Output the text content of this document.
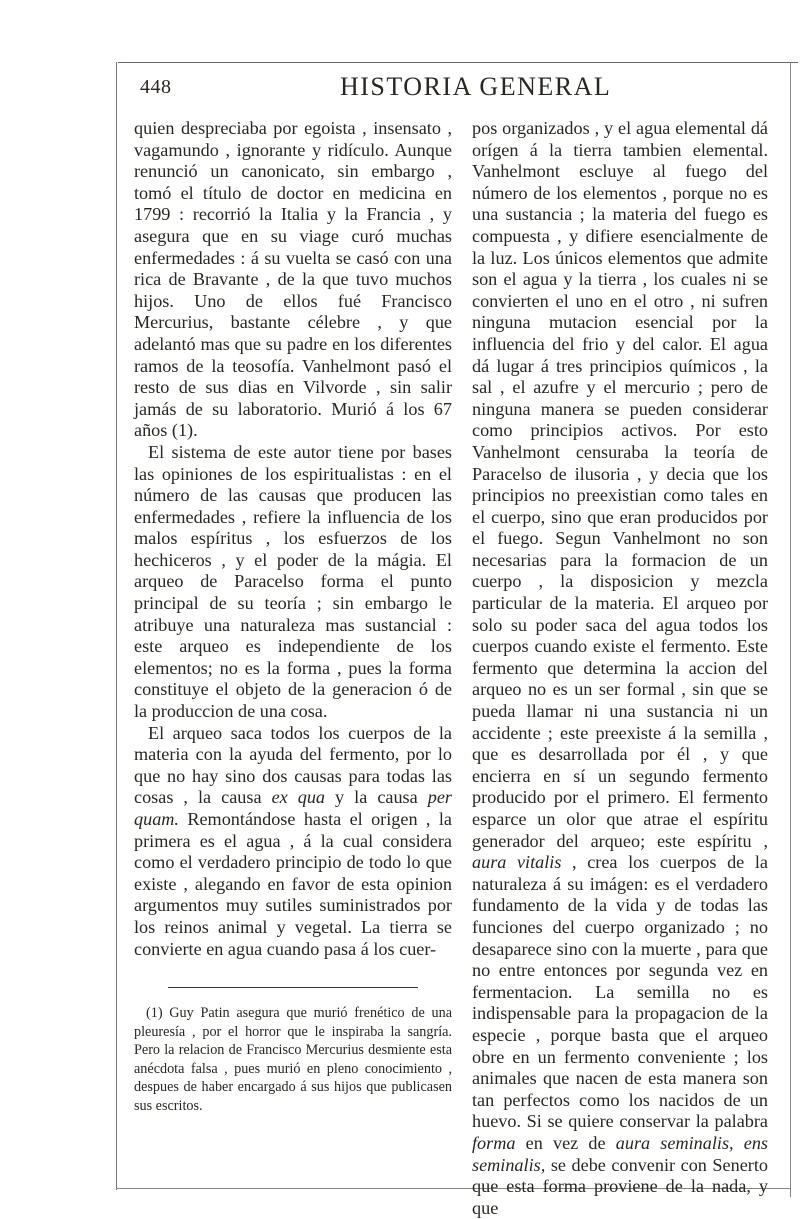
448	HISTORIA GENERAL

quien despreciaba por egoista , insensato , vagamundo , ignorante y ridículo. Aunque renunció un canonicato, sin embargo , tomó el título de doctor en medicina en 1799 : recorrió la Italia y la Francia , y asegura que en su viage curó muchas enfermedades : á su vuelta se casó con una rica de Bravante , de la que tuvo muchos hijos. Uno de ellos fué Francisco Mercurius, bastante célebre , y que adelantó mas que su padre en los diferentes ramos de la teosofía. Vanhelmont pasó el resto de sus dias en Vilvorde , sin salir jamás de su laboratorio. Murió á los 67 años (1).

El sistema de este autor tiene por bases las opiniones de los espiritualistas : en el número de las causas que producen las enfermedades , refiere la influencia de los malos espíritus , los esfuerzos de los hechiceros , y el poder de la mágia. El arqueo de Paracelso forma el punto principal de su teoría ; sin embargo le atribuye una naturaleza mas sustancial : este arqueo es independiente de los elementos; no es la forma , pues la forma constituye el objeto de la generacion ó de la produccion de una cosa.

El arqueo saca todos los cuerpos de la materia con la ayuda del fermento, por lo que no hay sino dos causas para todas las cosas , la causa ex qua y la causa per quam. Remontándose hasta el origen , la primera es el agua , á la cual considera como el verdadero principio de todo lo que existe , alegando en favor de esta opinion argumentos muy sutiles suministrados por los reinos animal y vegetal. La tierra se convierte en agua cuando pasa á los cuer-

(1) Guy Patin asegura que murió frenético de una pleuresía , por el horror que le inspiraba la sangría. Pero la relacion de Francisco Mercurius desmiente esta anécdota falsa , pues murió en pleno conocimiento , despues de haber encargado á sus hijos que publicasen sus escritos.

pos organizados , y el agua elemental dá orígen á la tierra tambien elemental. Vanhelmont escluye al fuego del número de los elementos , porque no es una sustancia ; la materia del fuego es compuesta , y difiere esencialmente de la luz. Los únicos elementos que admite son el agua y la tierra , los cuales ni se convierten el uno en el otro , ni sufren ninguna mutacion esencial por la influencia del frio y del calor. El agua dá lugar á tres principios químicos , la sal , el azufre y el mercurio ; pero de ninguna manera se pueden considerar como principios activos. Por esto Vanhelmont censuraba la teoría de Paracelso de ilusoria , y decia que los principios no preexistian como tales en el cuerpo, sino que eran producidos por el fuego. Segun Vanhelmont no son necesarias para la formacion de un cuerpo , la disposicion y mezcla particular de la materia. El arqueo por solo su poder saca del agua todos los cuerpos cuando existe el fermento. Este fermento que determina la accion del arqueo no es un ser formal , sin que se pueda llamar ni una sustancia ni un accidente ; este preexiste á la semilla , que es desarrollada por él , y que encierra en sí un segundo fermento producido por el primero. El fermento esparce un olor que atrae el espíritu generador del arqueo; este espíritu , aura vitalis , crea los cuerpos de la naturaleza á su imágen: es el verdadero fundamento de la vida y de todas las funciones del cuerpo organizado ; no desaparece sino con la muerte , para que no entre entonces por segunda vez en fermentacion. La semilla no es indispensable para la propagacion de la especie , porque basta que el arqueo obre en un fermento conveniente ; los animales que nacen de esta manera son tan perfectos como los nacidos de un huevo. Si se quiere conservar la palabra forma en vez de aura seminalis, ens seminalis, se debe convenir con Senerto que esta forma proviene de la nada, y que
